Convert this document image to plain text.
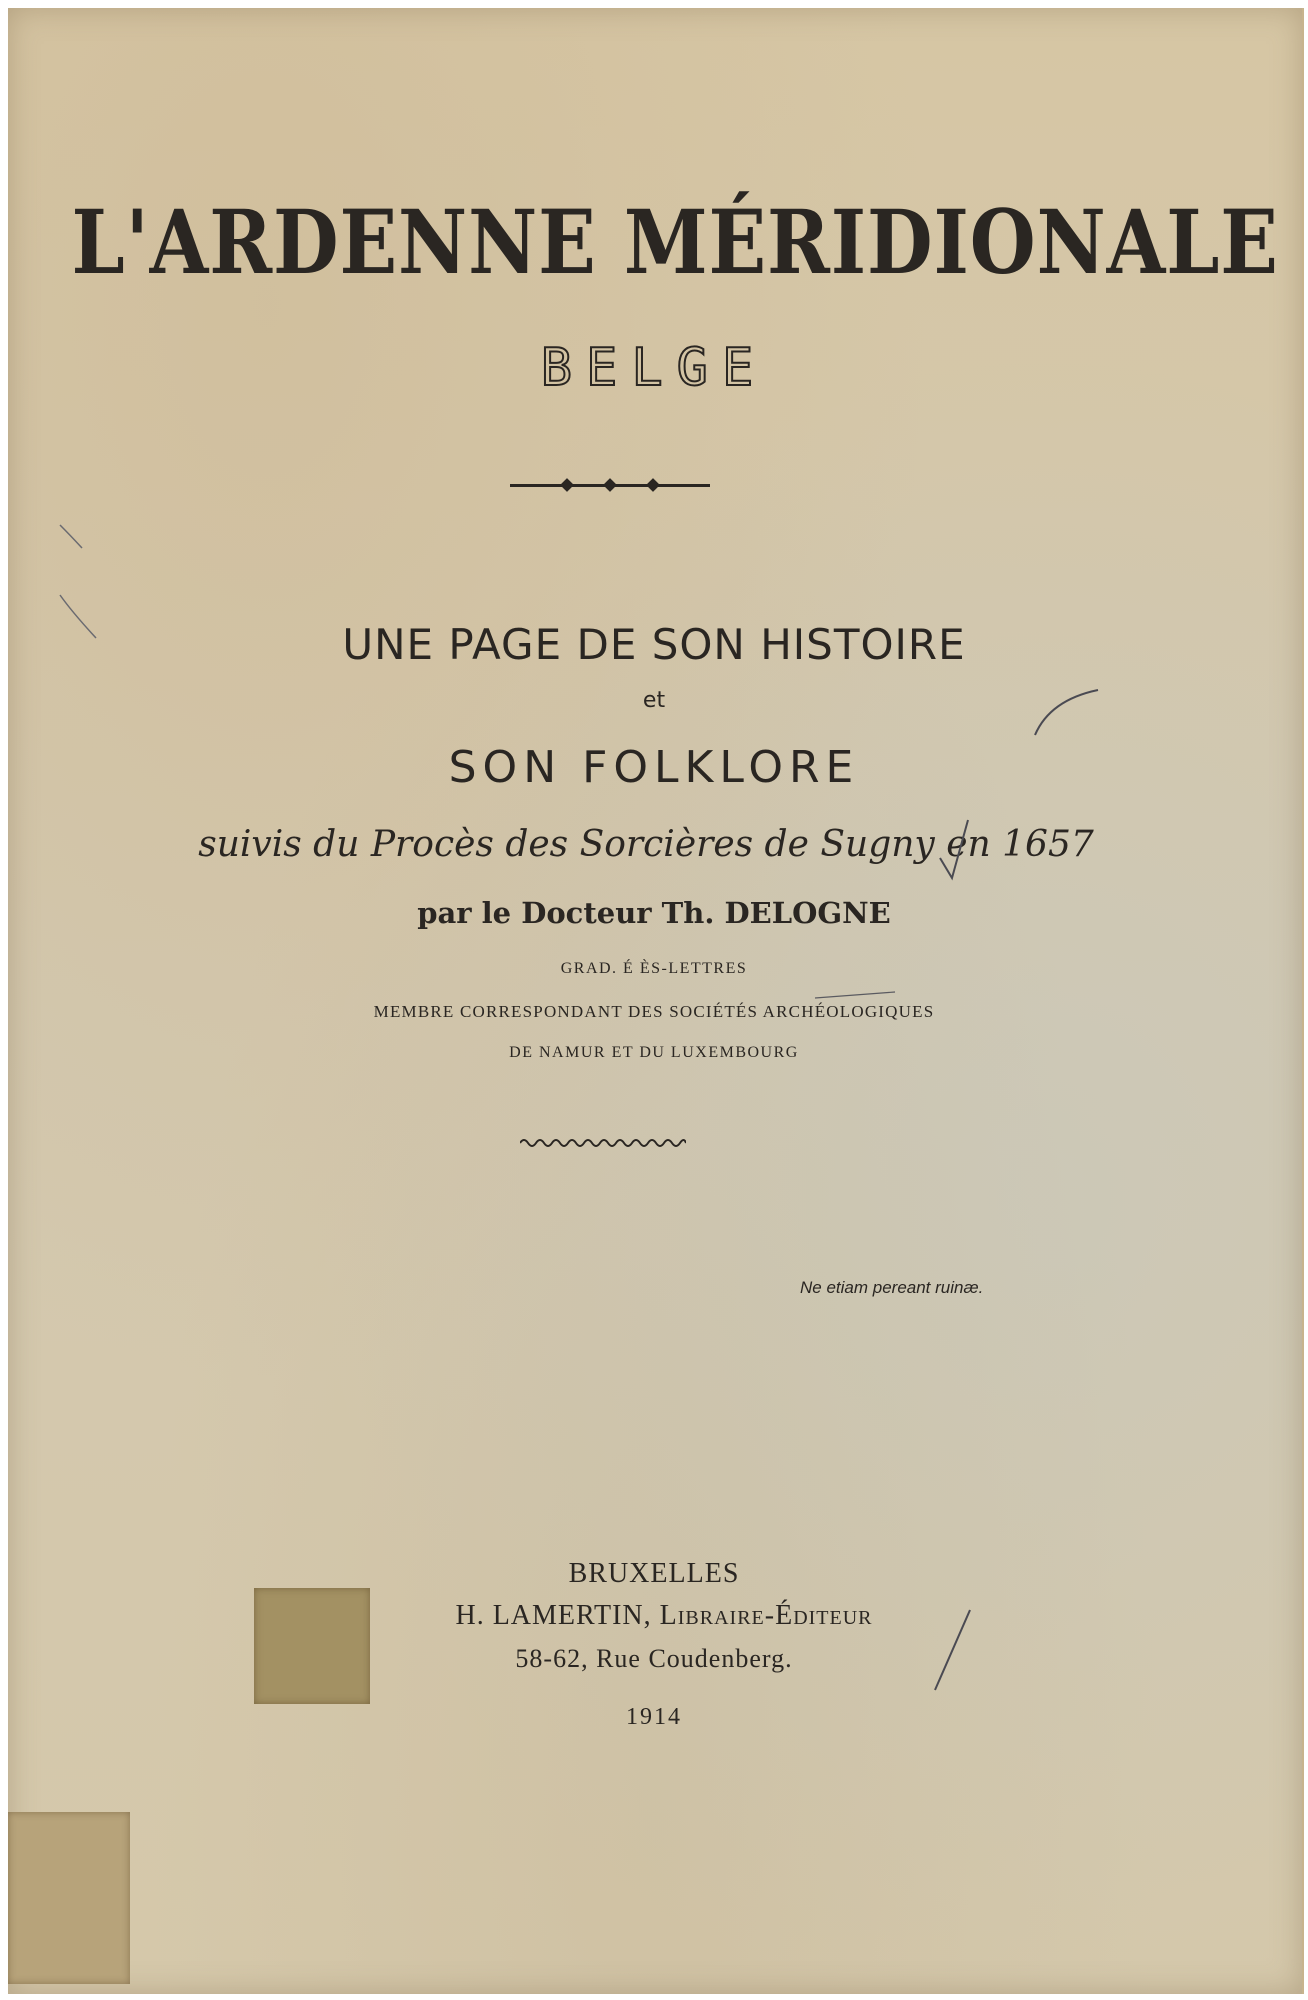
L'ARDENNE MÉRIDIONALE
BELGE
UNE PAGE DE SON HISTOIRE
et
SON FOLKLORE
suivis du Procès des Sorcières de Sugny en 1657
par le Docteur Th. DELOGNE
GRAD. É ÈS-LETTRES
MEMBRE CORRESPONDANT DES SOCIÉTÉS ARCHÉOLOGIQUES
DE NAMUR ET DU LUXEMBOURG
Ne etiam pereant ruinæ.
BRUXELLES
H. LAMERTIN, Libraire-Éditeur
58-62, Rue Coudenberg.
1914
